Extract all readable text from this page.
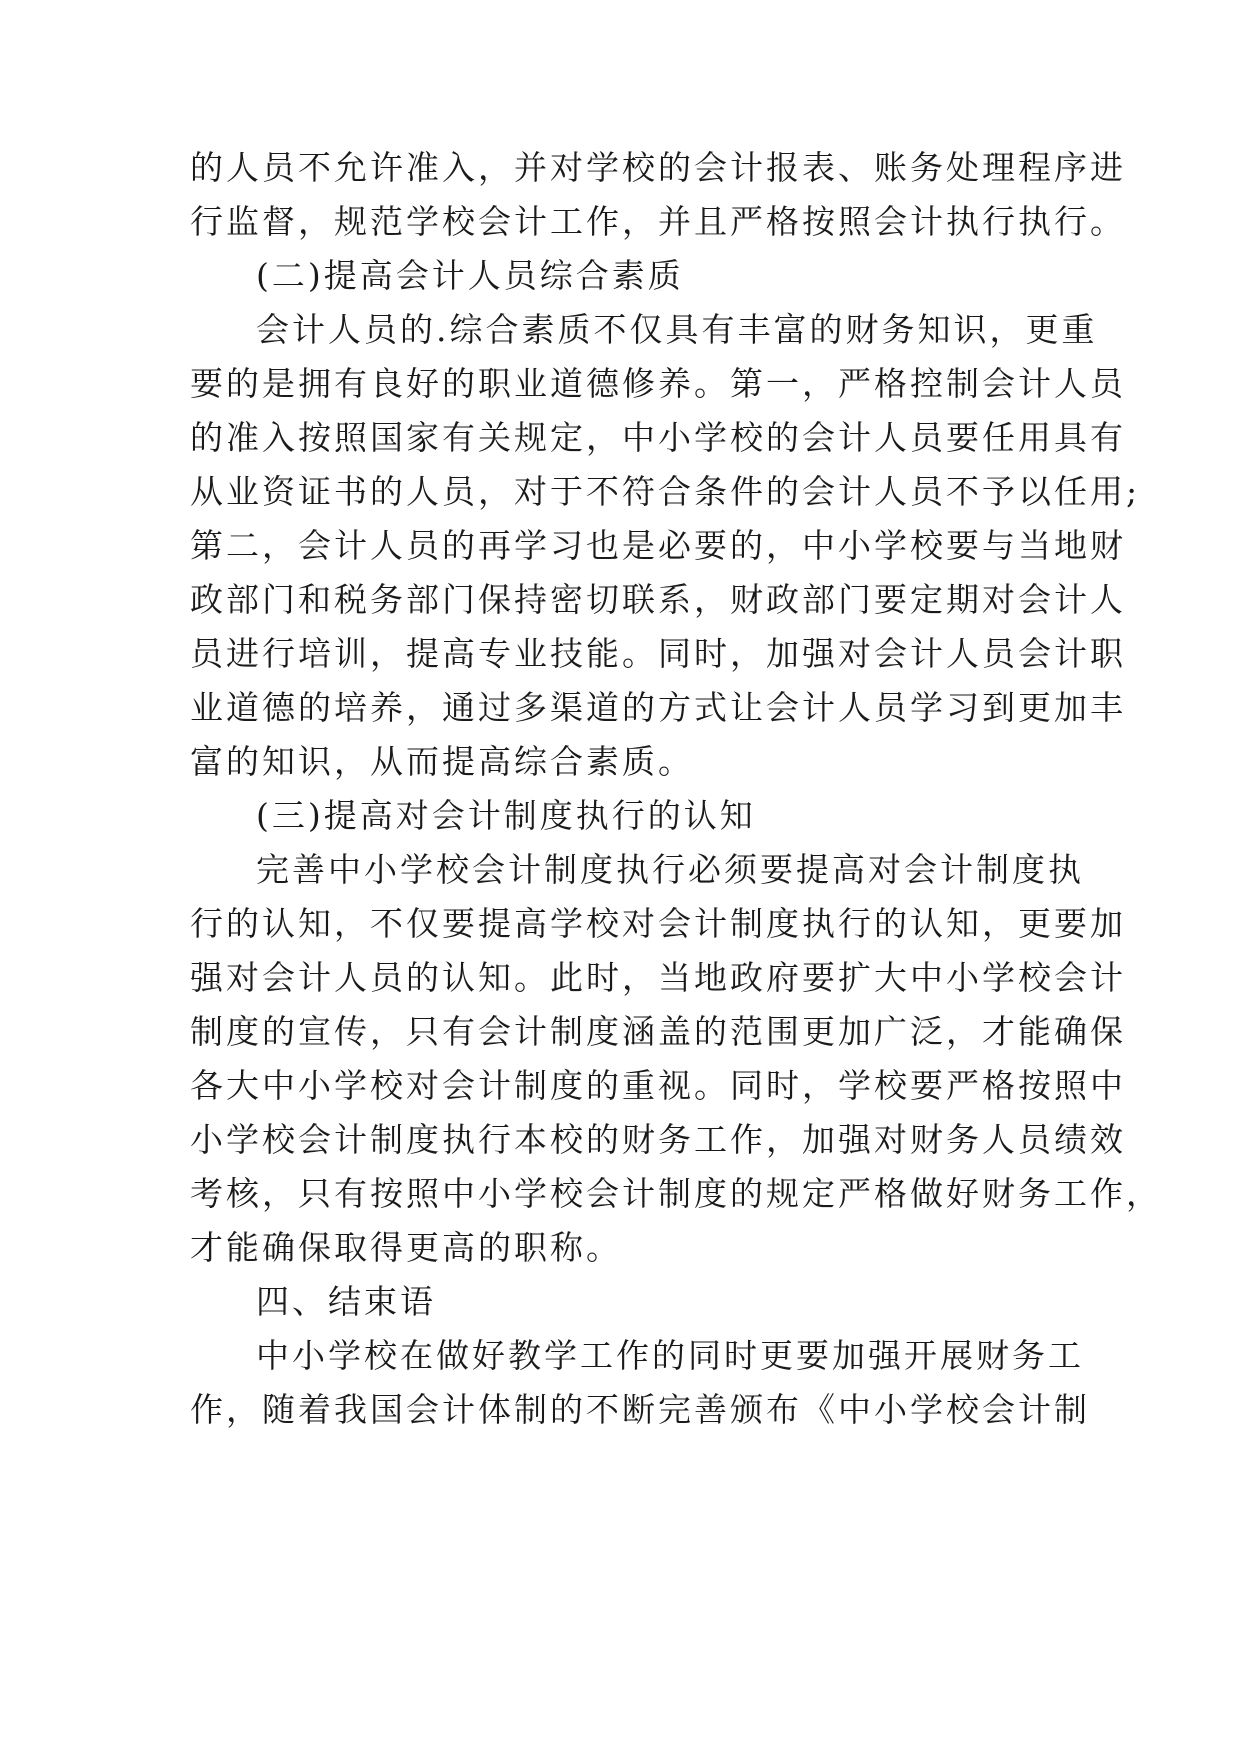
的人员不允许准入，并对学校的会计报表、账务处理程序进
行监督，规范学校会计工作，并且严格按照会计执行执行。
(二)提高会计人员综合素质
会计人员的.综合素质不仅具有丰富的财务知识，更重
要的是拥有良好的职业道德修养。第一，严格控制会计人员
的准入按照国家有关规定，中小学校的会计人员要任用具有
从业资证书的人员，对于不符合条件的会计人员不予以任用;
第二，会计人员的再学习也是必要的，中小学校要与当地财
政部门和税务部门保持密切联系，财政部门要定期对会计人
员进行培训，提高专业技能。同时，加强对会计人员会计职
业道德的培养，通过多渠道的方式让会计人员学习到更加丰
富的知识，从而提高综合素质。
(三)提高对会计制度执行的认知
完善中小学校会计制度执行必须要提高对会计制度执
行的认知，不仅要提高学校对会计制度执行的认知，更要加
强对会计人员的认知。此时，当地政府要扩大中小学校会计
制度的宣传，只有会计制度涵盖的范围更加广泛，才能确保
各大中小学校对会计制度的重视。同时，学校要严格按照中
小学校会计制度执行本校的财务工作，加强对财务人员绩效
考核，只有按照中小学校会计制度的规定严格做好财务工作，
才能确保取得更高的职称。
四、结束语
中小学校在做好教学工作的同时更要加强开展财务工
作，随着我国会计体制的不断完善颁布《中小学校会计制
